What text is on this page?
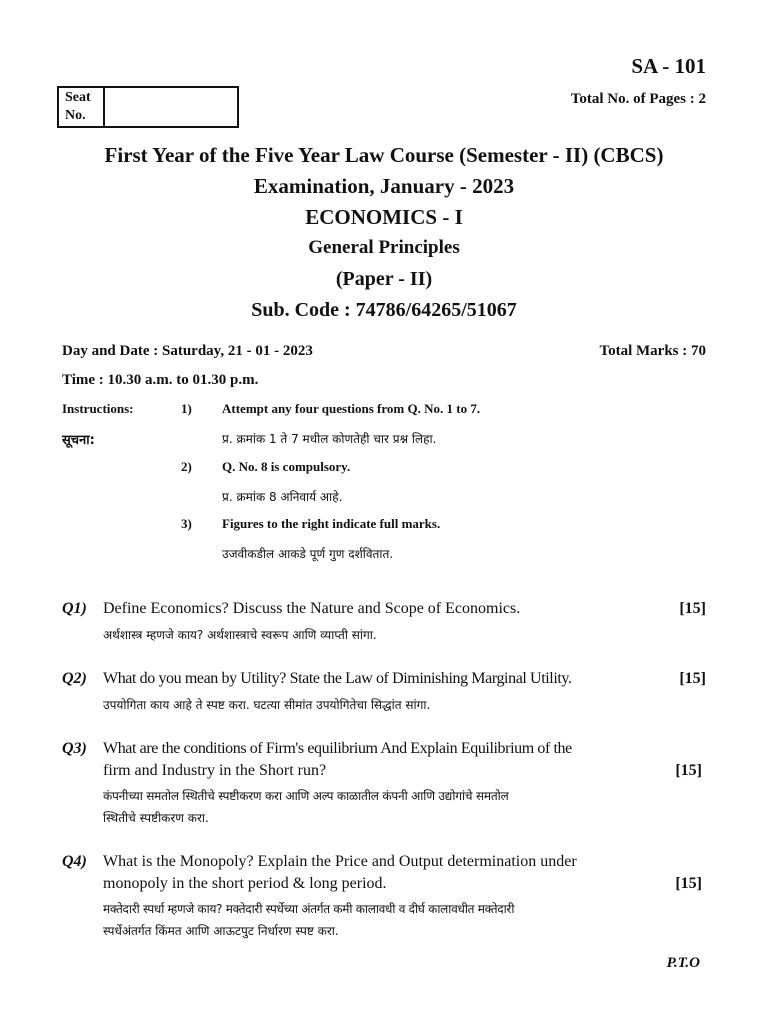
SA - 101
Total No. of Pages : 2
Seat
No.
First Year of the Five Year Law Course (Semester - II) (CBCS)
Examination, January - 2023
ECONOMICS - I
General Principles
(Paper - II)
Sub. Code : 74786/64265/51067
Day and Date : Saturday, 21 - 01 - 2023	Total Marks : 70
Time : 10.30 a.m. to 01.30 p.m.
Instructions:
सूचना:
1) Attempt any four questions from Q. No. 1 to 7.
प्र. क्रमांक 1 ते 7 मधील कोणतेही चार प्रश्न लिहा.
2) Q. No. 8 is compulsory.
प्र. क्रमांक 8 अनिवार्य आहे.
3) Figures to the right indicate full marks.
उजवीकडील आकडे पूर्ण गुण दर्शवितात.
Q1) Define Economics? Discuss the Nature and Scope of Economics.	[15]
अर्थशास्त्र म्हणजे काय? अर्थशास्त्राचे स्वरूप आणि व्याप्ती सांगा.
Q2) What do you mean by Utility? State the Law of Diminishing Marginal Utility.	[15]
उपयोगिता काय आहे ते स्पष्ट करा. घटत्या सीमांत उपयोगितेचा सिद्धांत सांगा.
Q3) What are the conditions of Firm's equilibrium And Explain Equilibrium of the
firm and Industry in the Short run?	[15]
कंपनीच्या समतोल स्थितीचे स्पष्टीकरण करा आणि अल्प काळातील कंपनी आणि उद्योगांचे समतोल
स्थितीचे स्पष्टीकरण करा.
Q4) What is the Monopoly? Explain the Price and Output determination under
monopoly in the short period & long period.	[15]
मक्तेदारी स्पर्धा म्हणजे काय? मक्तेदारी स्पर्धेच्या अंतर्गत कमी कालावधी व दीर्घ कालावधीत मक्तेदारी
स्पर्धेअंतर्गत किंमत आणि आऊटपुट निर्धारण स्पष्ट करा.
P.T.O
